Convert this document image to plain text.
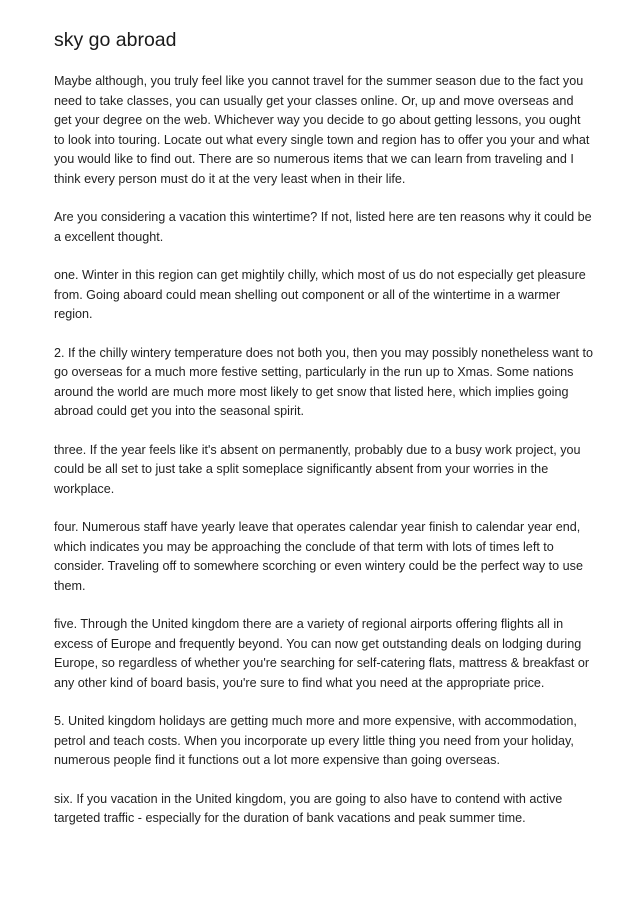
sky go abroad

Maybe although, you truly feel like you cannot travel for the summer season due to the fact you need to take classes, you can usually get your classes online. Or, up and move overseas and get your degree on the web. Whichever way you decide to go about getting lessons, you ought to look into touring. Locate out what every single town and region has to offer you your and what you would like to find out. There are so numerous items that we can learn from traveling and I think every person must do it at the very least when in their life.

Are you considering a vacation this wintertime? If not, listed here are ten reasons why it could be a excellent thought.

one. Winter in this region can get mightily chilly, which most of us do not especially get pleasure from. Going aboard could mean shelling out component or all of the wintertime in a warmer region.

2. If the chilly wintery temperature does not both you, then you may possibly nonetheless want to go overseas for a much more festive setting, particularly in the run up to Xmas. Some nations around the world are much more most likely to get snow that listed here, which implies going abroad could get you into the seasonal spirit.

three. If the year feels like it's absent on permanently, probably due to a busy work project, you could be all set to just take a split someplace significantly absent from your worries in the workplace.

four. Numerous staff have yearly leave that operates calendar year finish to calendar year end, which indicates you may be approaching the conclude of that term with lots of times left to consider. Traveling off to somewhere scorching or even wintery could be the perfect way to use them.

five. Through the United kingdom there are a variety of regional airports offering flights all in excess of Europe and frequently beyond. You can now get outstanding deals on lodging during Europe, so regardless of whether you're searching for self-catering flats, mattress & breakfast or any other kind of board basis, you're sure to find what you need at the appropriate price.

5. United kingdom holidays are getting much more and more expensive, with accommodation, petrol and teach costs. When you incorporate up every little thing you need from your holiday, numerous people find it functions out a lot more expensive than going overseas.

six. If you vacation in the United kingdom, you are going to also have to contend with active targeted traffic - especially for the duration of bank vacations and peak summer time.
